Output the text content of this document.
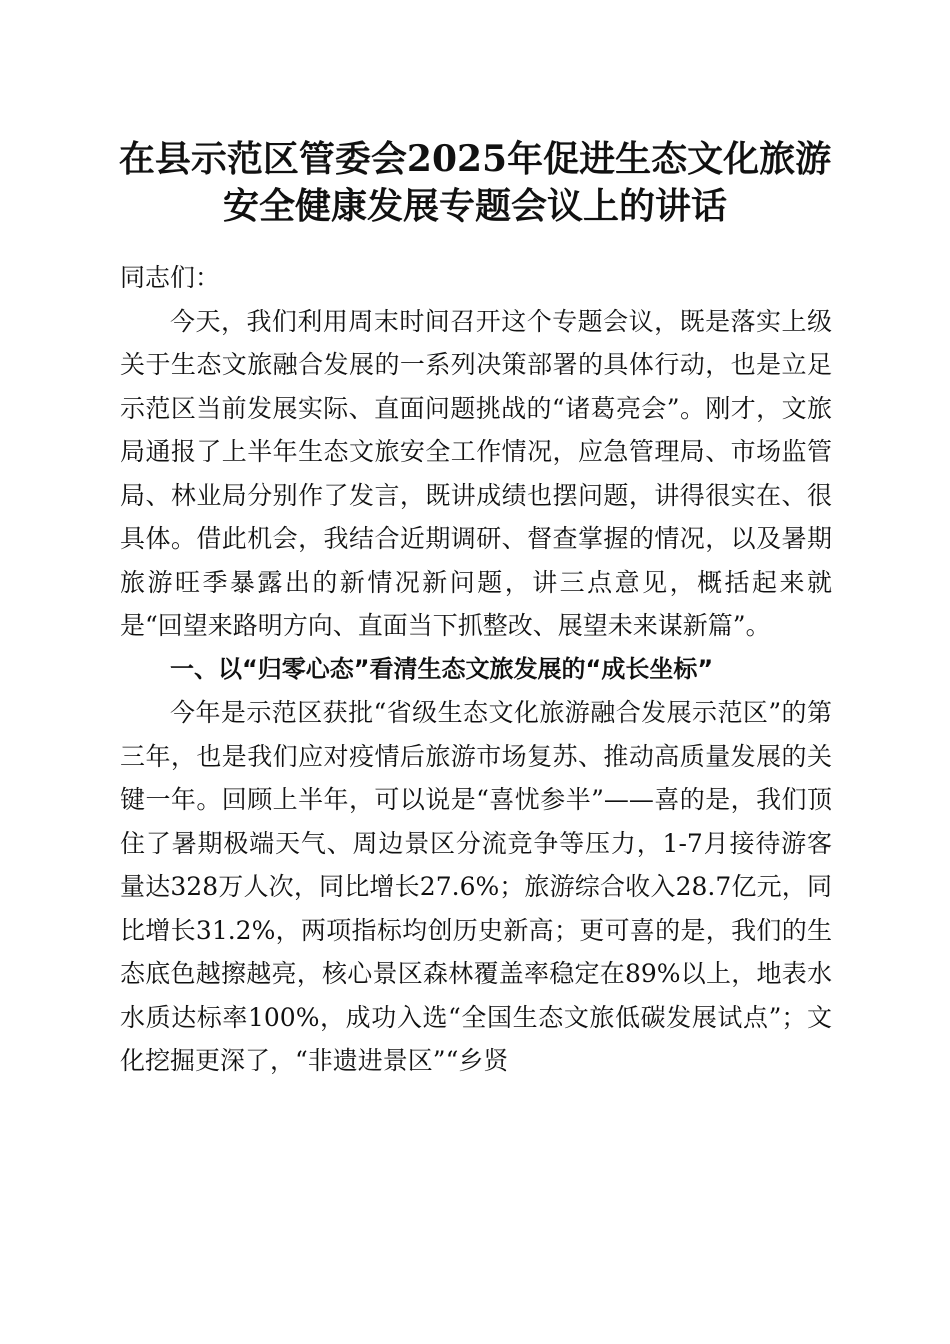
在县示范区管委会2025年促进生态文化旅游
安全健康发展专题会议上的讲话

同志们：

今天，我们利用周末时间召开这个专题会议，既是落实上级关于生态文旅融合发展的一系列决策部署的具体行动，也是立足示范区当前发展实际、直面问题挑战的“诸葛亮会”。刚才，文旅局通报了上半年生态文旅安全工作情况，应急管理局、市场监管局、林业局分别作了发言，既讲成绩也摆问题，讲得很实在、很具体。借此机会，我结合近期调研、督查掌握的情况，以及暑期旅游旺季暴露出的新情况新问题，讲三点意见，概括起来就是“回望来路明方向、直面当下抓整改、展望未来谋新篇”。

一、以“归零心态”看清生态文旅发展的“成长坐标”

今年是示范区获批“省级生态文化旅游融合发展示范区”的第三年，也是我们应对疫情后旅游市场复苏、推动高质量发展的关键一年。回顾上半年，可以说是“喜忧参半”——喜的是，我们顶住了暑期极端天气、周边景区分流竞争等压力，1-7月接待游客量达328万人次，同比增长27.6%；旅游综合收入28.7亿元，同比增长31.2%，两项指标均创历史新高；更可喜的是，我们的生态底色越擦越亮，核心景区森林覆盖率稳定在89%以上，地表水水质达标率100%，成功入选“全国生态文旅低碳发展试点”；文化挖掘更深了，“非遗进景区”“乡贤
